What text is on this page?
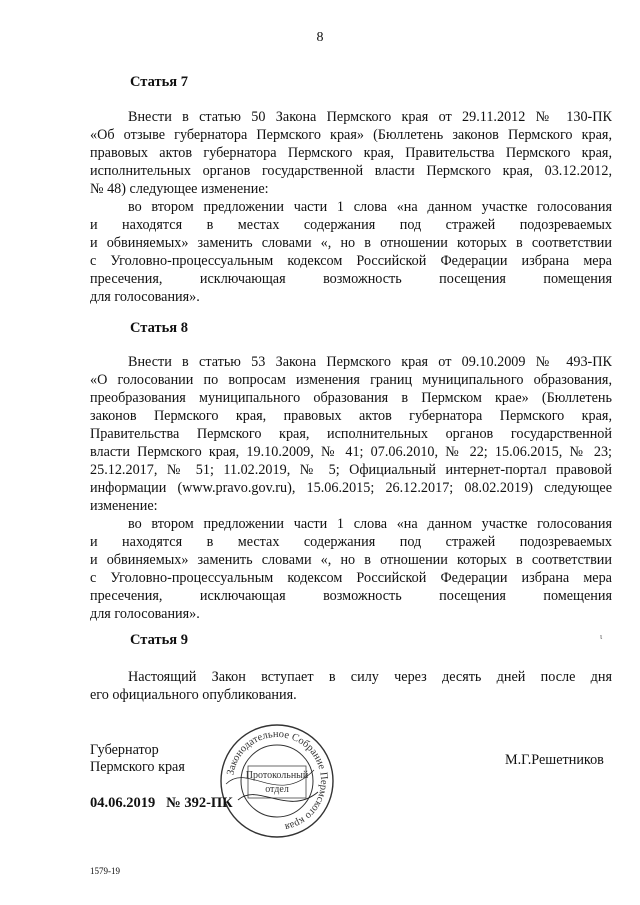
8
Статья 7
Внести в статью 50 Закона Пермского края от 29.11.2012 № 130-ПК
«Об отзыве губернатора Пермского края» (Бюллетень законов Пермского края,
правовых актов губернатора Пермского края, Правительства Пермского края,
исполнительных органов государственной власти Пермского края, 03.12.2012,
№ 48) следующее изменение:
во втором предложении части 1 слова «на данном участке голосования
и находятся в местах содержания под стражей подозреваемых
и обвиняемых» заменить словами «, но в отношении которых в соответствии
с Уголовно-процессуальным кодексом Российской Федерации избрана мера
пресечения, исключающая возможность посещения помещения
для голосования».
Статья 8
Внести в статью 53 Закона Пермского края от 09.10.2009 № 493-ПК
«О голосовании по вопросам изменения границ муниципального образования,
преобразования муниципального образования в Пермском крае» (Бюллетень
законов Пермского края, правовых актов губернатора Пермского края,
Правительства Пермского края, исполнительных органов государственной
власти Пермского края, 19.10.2009, № 41; 07.06.2010, № 22; 15.06.2015, № 23;
25.12.2017, № 51; 11.02.2019, № 5; Официальный интернет-портал правовой
информации (www.pravo.gov.ru), 15.06.2015; 26.12.2017; 08.02.2019) следующее
изменение:
во втором предложении части 1 слова «на данном участке голосования
и находятся в местах содержания под стражей подозреваемых
и обвиняемых» заменить словами «, но в отношении которых в соответствии
с Уголовно-процессуальным кодексом Российской Федерации избрана мера
пресечения, исключающая возможность посещения помещения
для голосования».
Статья 9
Настоящий Закон вступает в силу через десять дней после дня
его официального опубликования.
ι
Губернатор
Пермского края	М.Г.Решетников
Законодательное Собрание Пермского края
Протокольный
отдел
04.06.2019   № 392-ПК
1579-19
